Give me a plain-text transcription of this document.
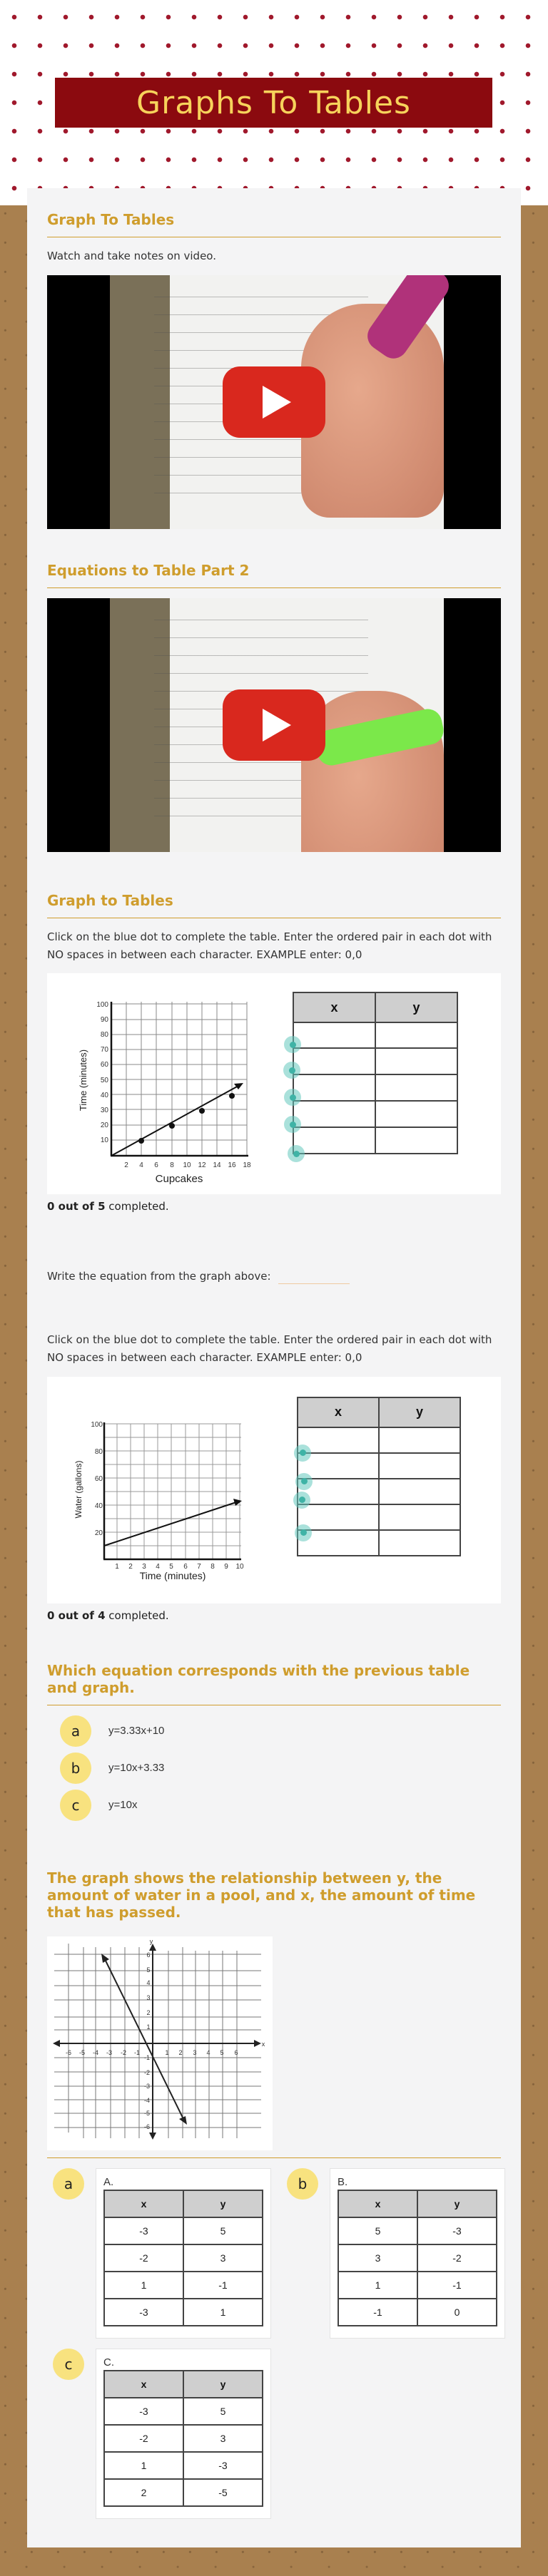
Graphs To Tables
Graph To Tables

Watch and take notes on video.

Equations to Table Part 2
Graph to Tables

Click on the blue dot to complete the table. Enter the ordered pair in each dot with NO spaces in between each character. EXAMPLE enter: 0,0

100
90
80
70
60
50
40
30
20
10
2 4 6 8 10 12 14 16 18
Cupcakes
Time (minutes)
x	y

0 out of 5 completed.

Write the equation from the graph above:

Click on the blue dot to complete the table. Enter the ordered pair in each dot with NO spaces in between each character. EXAMPLE enter: 0,0

100
80
60
40
20
1 2 3 4 5 6 7 8 9 10
Time (minutes)
Water (gallons)
x	y

0 out of 4 completed.

Which equation corresponds with the previous table and graph.
a	y=3.33x+10
b	y=10x+3.33
c	y=10x
The graph shows the relationship between y, the amount of water in a pool, and x, the amount of time that has passed.
-6 -5 -4 -3 -2 -1	1 2 3 4 5 6
6
5
4
3
2
1
-1
-2
-3
-4
-5
-6
x
y
a	A.
x	y
-3	5
-2	3
1	-1
-3	1
b	B.
x	y
5	-3
3	-2
1	-1
-1	0
c	C.
x	y
-3	5
-2	3
1	-3
2	-5
